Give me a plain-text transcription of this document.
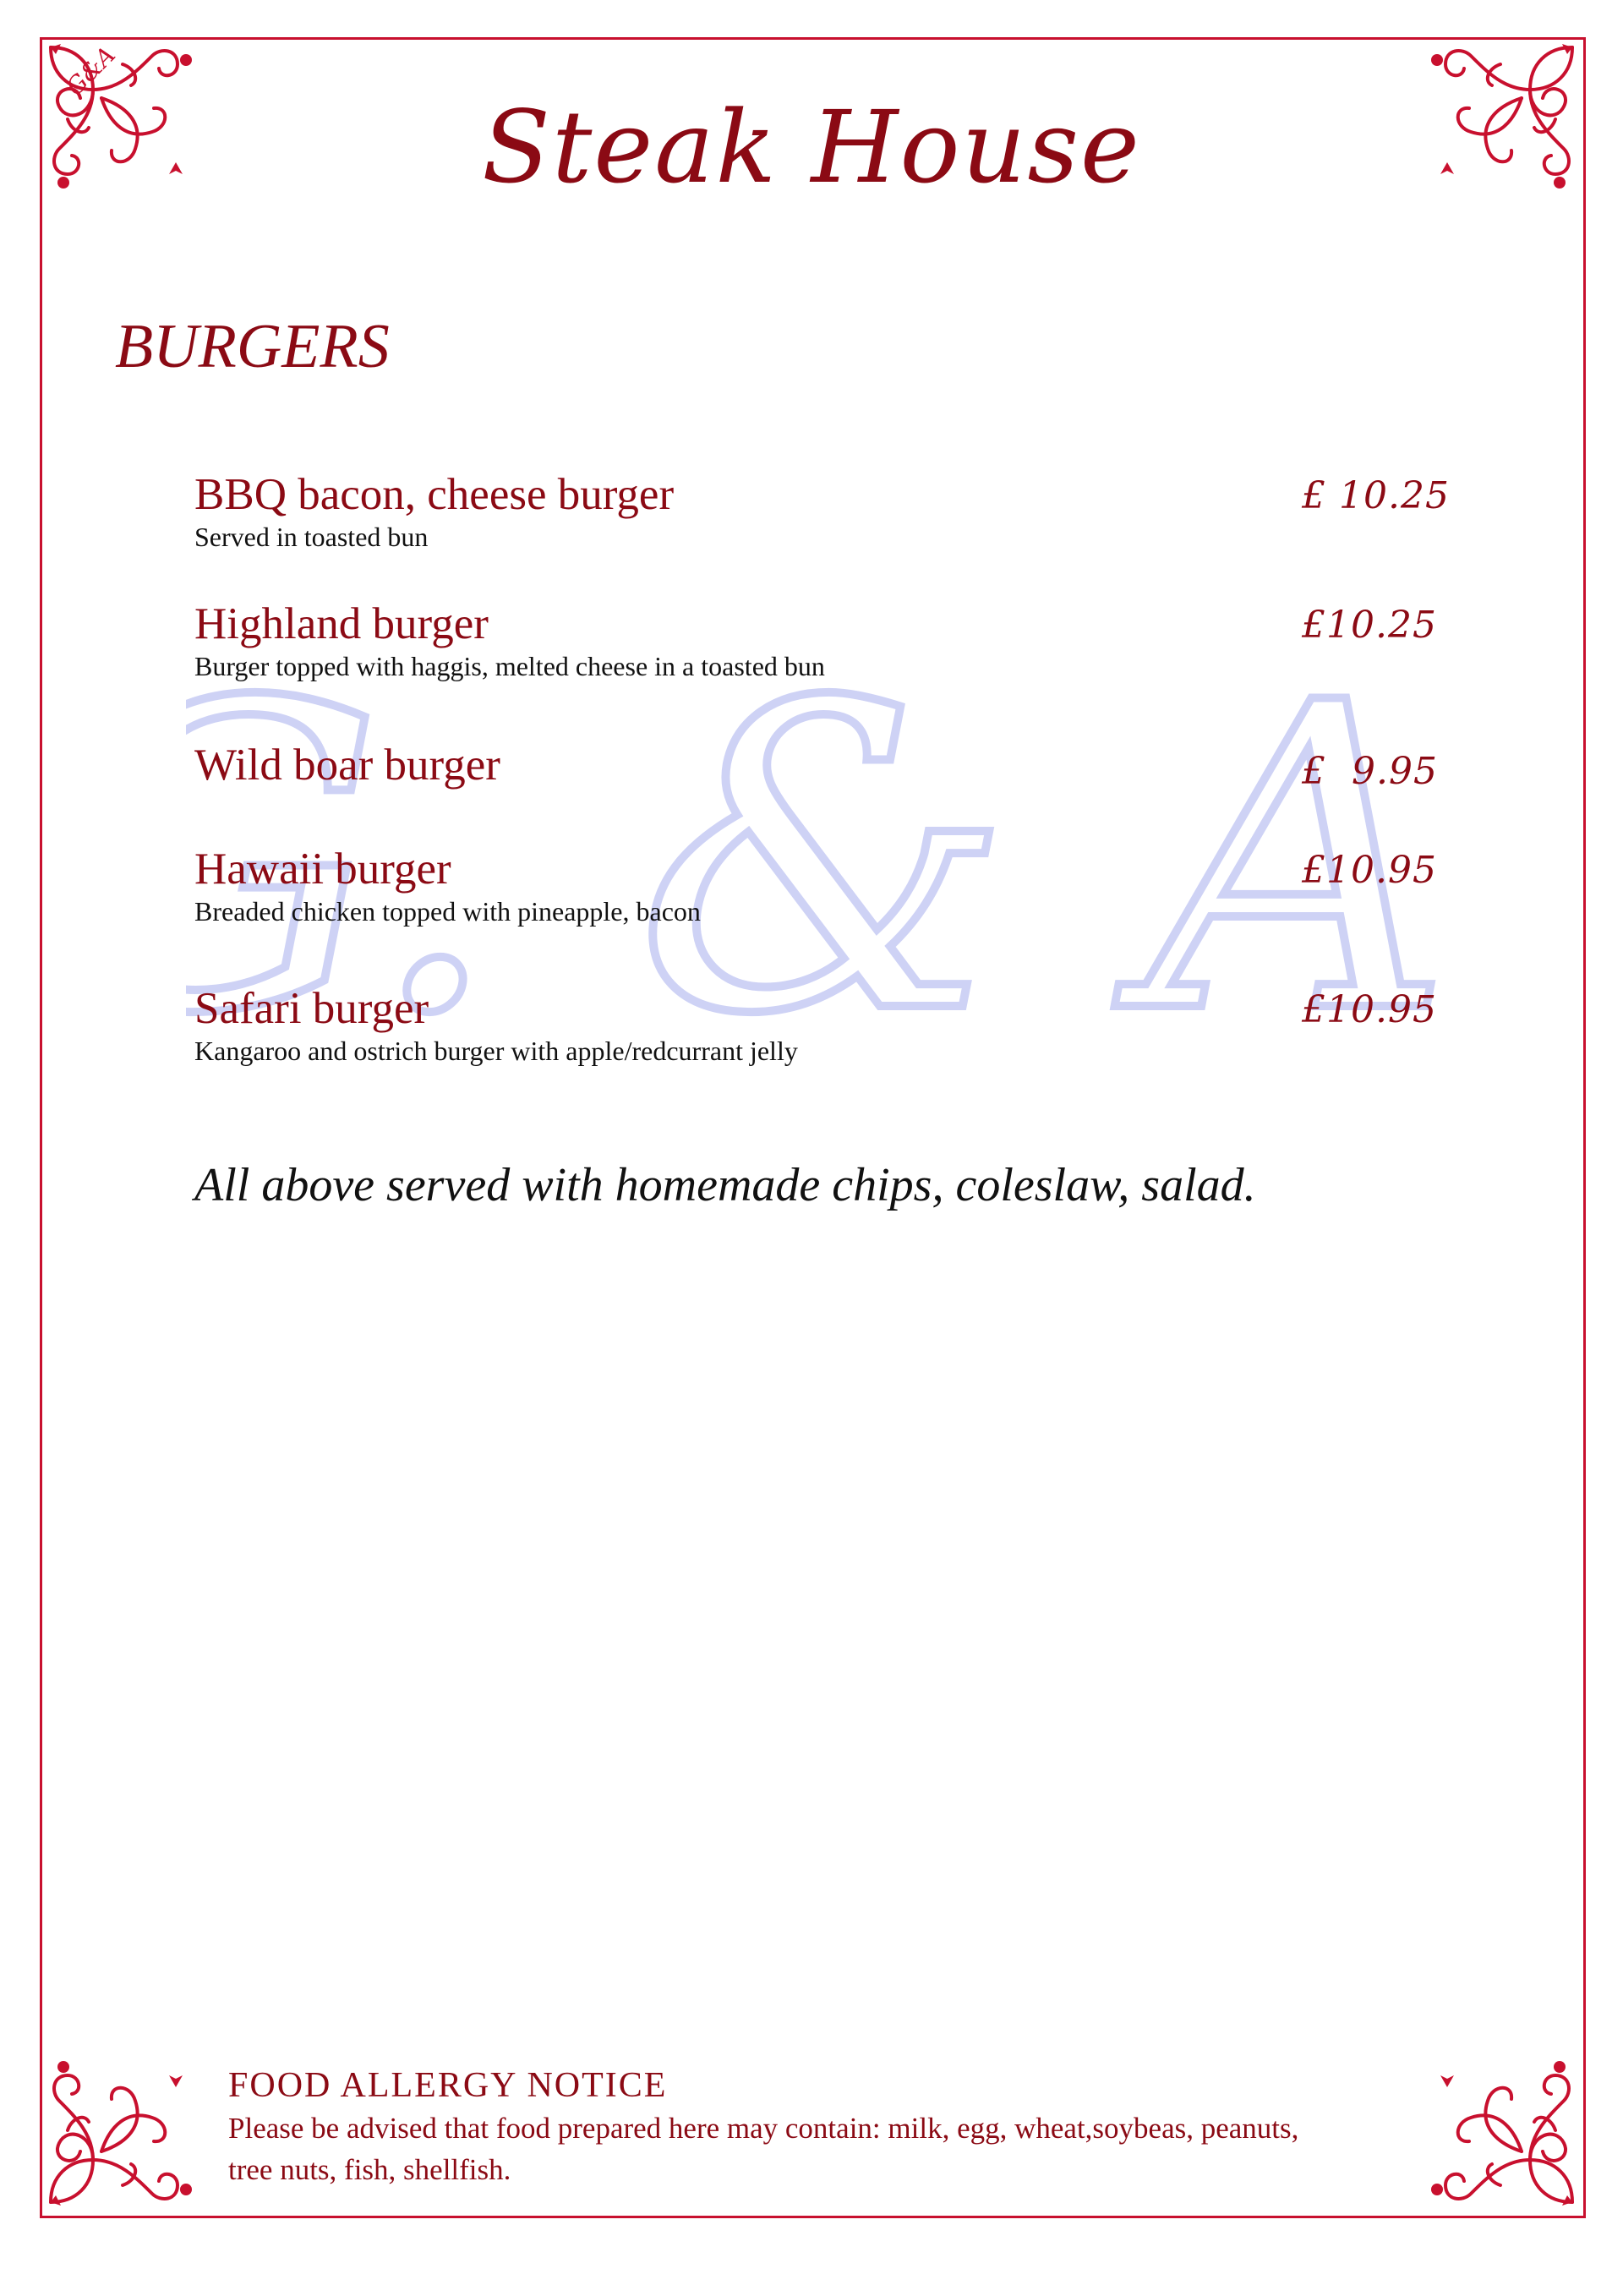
G&A
. & A
Steak House
BURGERS
BBQ bacon, cheese burger
Served in toasted bun
£ 10.25
Highland burger
Burger topped with haggis, melted cheese in a toasted bun
£10.25
Wild boar burger	£  9.95
Hawaii burger
Breaded chicken topped with pineapple, bacon
£10.95
Safari burger
Kangaroo and ostrich burger with apple/redcurrant jelly
£10.95
All above served with homemade chips, coleslaw, salad.
FOOD ALLERGY NOTICE
Please be advised that food prepared here may contain: milk, egg, wheat,soybeas, peanuts,
tree nuts, fish, shellfish.
